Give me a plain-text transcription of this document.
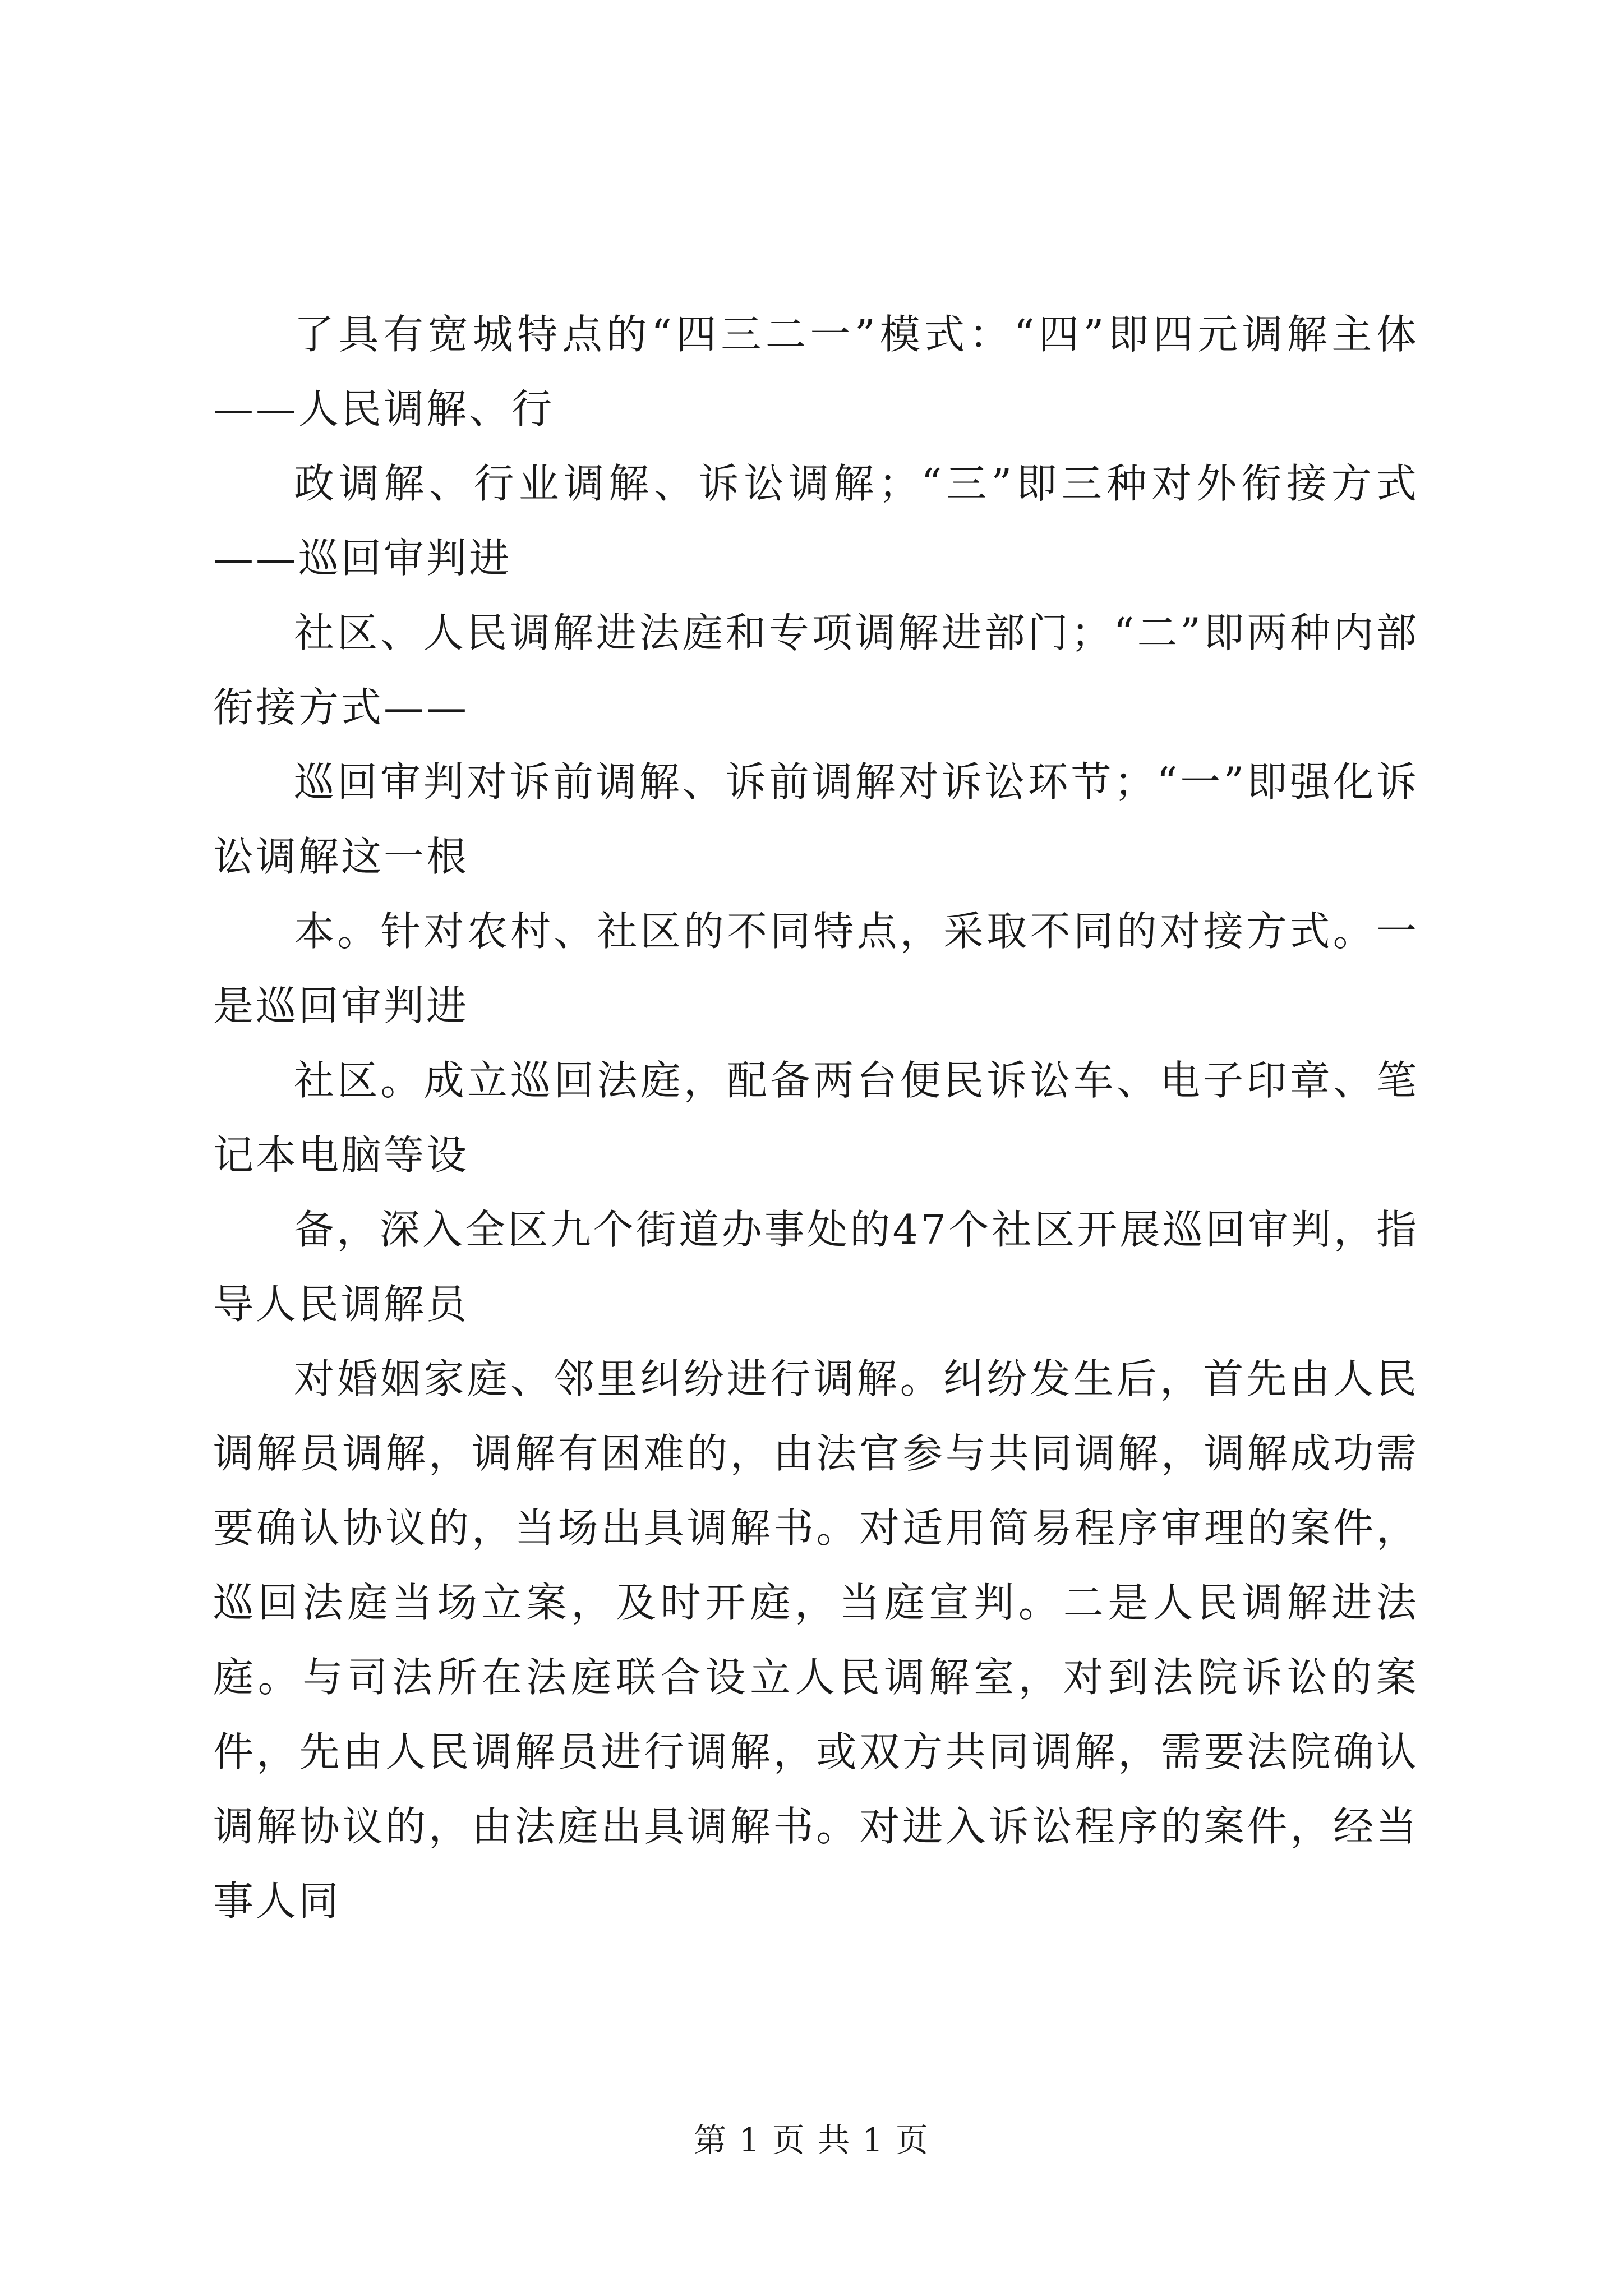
了具有宽城特点的“四三二一”模式：“四”即四元调解主体——人民调解、行

政调解、行业调解、诉讼调解；“三”即三种对外衔接方式——巡回审判进

社区、人民调解进法庭和专项调解进部门；“二”即两种内部衔接方式——

巡回审判对诉前调解、诉前调解对诉讼环节；“一”即强化诉讼调解这一根

本。针对农村、社区的不同特点，采取不同的对接方式。一是巡回审判进

社区。成立巡回法庭，配备两台便民诉讼车、电子印章、笔记本电脑等设

备，深入全区九个街道办事处的47个社区开展巡回审判，指导人民调解员

对婚姻家庭、邻里纠纷进行调解。纠纷发生后，首先由人民调解员调解，调解有困难的，由法官参与共同调解，调解成功需要确认协议的，当场出具调解书。对适用简易程序审理的案件，巡回法庭当场立案，及时开庭，当庭宣判。二是人民调解进法庭。与司法所在法庭联合设立人民调解室，对到法院诉讼的案件，先由人民调解员进行调解，或双方共同调解，需要法院确认调解协议的，由法庭出具调解书。对进入诉讼程序的案件，经当事人同

第 1 页 共 1 页
